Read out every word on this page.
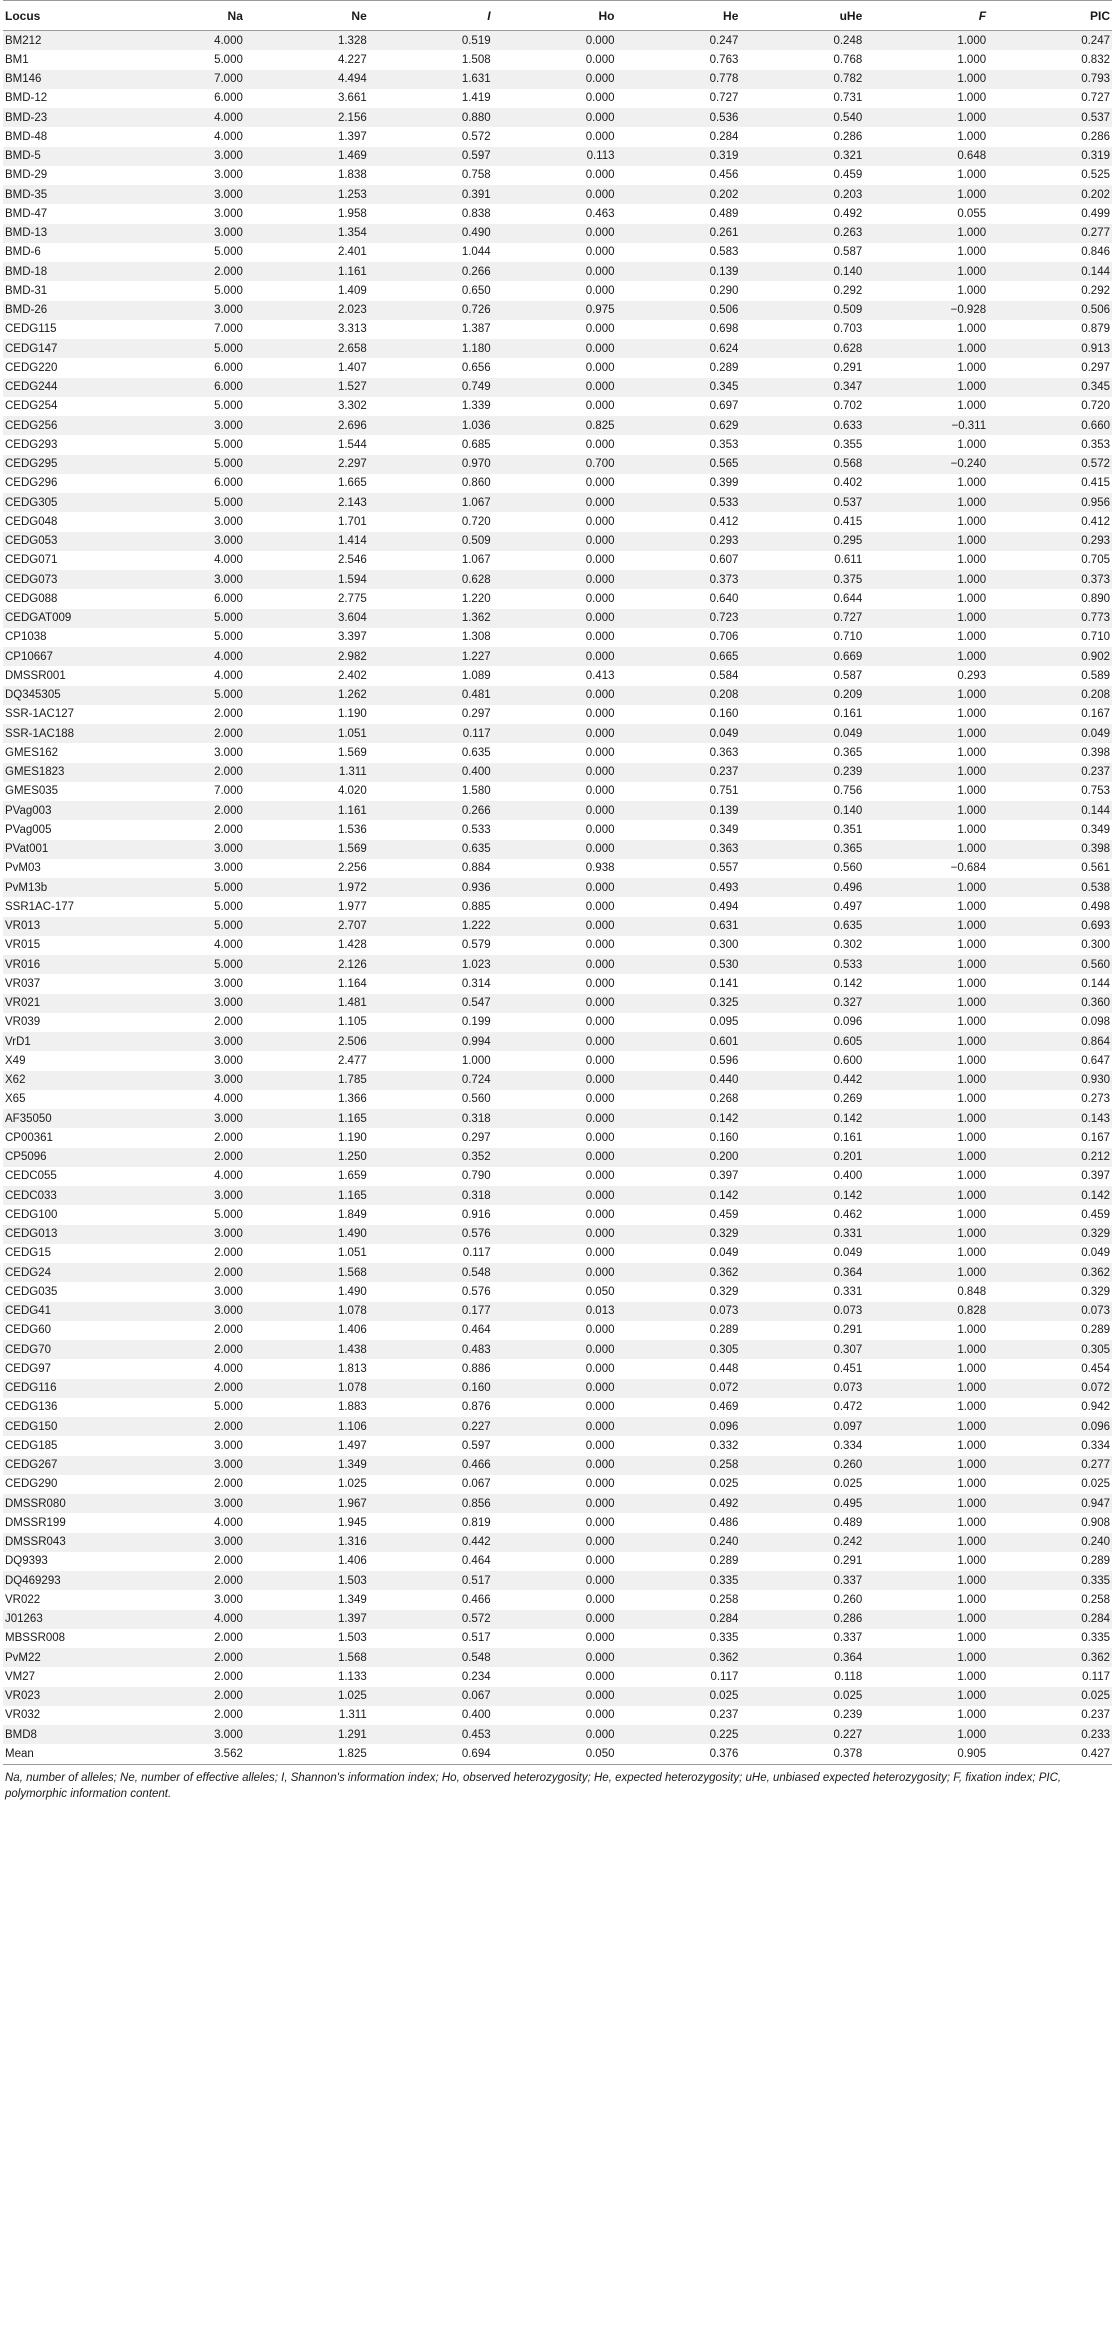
Locus	Na	Ne	I	Ho	He	uHe	F	PIC
BM212	4.000	1.328	0.519	0.000	0.247	0.248	1.000	0.247
BM1	5.000	4.227	1.508	0.000	0.763	0.768	1.000	0.832
BM146	7.000	4.494	1.631	0.000	0.778	0.782	1.000	0.793
BMD-12	6.000	3.661	1.419	0.000	0.727	0.731	1.000	0.727
BMD-23	4.000	2.156	0.880	0.000	0.536	0.540	1.000	0.537
BMD-48	4.000	1.397	0.572	0.000	0.284	0.286	1.000	0.286
BMD-5	3.000	1.469	0.597	0.113	0.319	0.321	0.648	0.319
BMD-29	3.000	1.838	0.758	0.000	0.456	0.459	1.000	0.525
BMD-35	3.000	1.253	0.391	0.000	0.202	0.203	1.000	0.202
BMD-47	3.000	1.958	0.838	0.463	0.489	0.492	0.055	0.499
BMD-13	3.000	1.354	0.490	0.000	0.261	0.263	1.000	0.277
BMD-6	5.000	2.401	1.044	0.000	0.583	0.587	1.000	0.846
BMD-18	2.000	1.161	0.266	0.000	0.139	0.140	1.000	0.144
BMD-31	5.000	1.409	0.650	0.000	0.290	0.292	1.000	0.292
BMD-26	3.000	2.023	0.726	0.975	0.506	0.509	−0.928	0.506
CEDG115	7.000	3.313	1.387	0.000	0.698	0.703	1.000	0.879
CEDG147	5.000	2.658	1.180	0.000	0.624	0.628	1.000	0.913
CEDG220	6.000	1.407	0.656	0.000	0.289	0.291	1.000	0.297
CEDG244	6.000	1.527	0.749	0.000	0.345	0.347	1.000	0.345
CEDG254	5.000	3.302	1.339	0.000	0.697	0.702	1.000	0.720
CEDG256	3.000	2.696	1.036	0.825	0.629	0.633	−0.311	0.660
CEDG293	5.000	1.544	0.685	0.000	0.353	0.355	1.000	0.353
CEDG295	5.000	2.297	0.970	0.700	0.565	0.568	−0.240	0.572
CEDG296	6.000	1.665	0.860	0.000	0.399	0.402	1.000	0.415
CEDG305	5.000	2.143	1.067	0.000	0.533	0.537	1.000	0.956
CEDG048	3.000	1.701	0.720	0.000	0.412	0.415	1.000	0.412
CEDG053	3.000	1.414	0.509	0.000	0.293	0.295	1.000	0.293
CEDG071	4.000	2.546	1.067	0.000	0.607	0.611	1.000	0.705
CEDG073	3.000	1.594	0.628	0.000	0.373	0.375	1.000	0.373
CEDG088	6.000	2.775	1.220	0.000	0.640	0.644	1.000	0.890
CEDGAT009	5.000	3.604	1.362	0.000	0.723	0.727	1.000	0.773
CP1038	5.000	3.397	1.308	0.000	0.706	0.710	1.000	0.710
CP10667	4.000	2.982	1.227	0.000	0.665	0.669	1.000	0.902
DMSSR001	4.000	2.402	1.089	0.413	0.584	0.587	0.293	0.589
DQ345305	5.000	1.262	0.481	0.000	0.208	0.209	1.000	0.208
SSR-1AC127	2.000	1.190	0.297	0.000	0.160	0.161	1.000	0.167
SSR-1AC188	2.000	1.051	0.117	0.000	0.049	0.049	1.000	0.049
GMES162	3.000	1.569	0.635	0.000	0.363	0.365	1.000	0.398
GMES1823	2.000	1.311	0.400	0.000	0.237	0.239	1.000	0.237
GMES035	7.000	4.020	1.580	0.000	0.751	0.756	1.000	0.753
PVag003	2.000	1.161	0.266	0.000	0.139	0.140	1.000	0.144
PVag005	2.000	1.536	0.533	0.000	0.349	0.351	1.000	0.349
PVat001	3.000	1.569	0.635	0.000	0.363	0.365	1.000	0.398
PvM03	3.000	2.256	0.884	0.938	0.557	0.560	−0.684	0.561
PvM13b	5.000	1.972	0.936	0.000	0.493	0.496	1.000	0.538
SSR1AC-177	5.000	1.977	0.885	0.000	0.494	0.497	1.000	0.498
VR013	5.000	2.707	1.222	0.000	0.631	0.635	1.000	0.693
VR015	4.000	1.428	0.579	0.000	0.300	0.302	1.000	0.300
VR016	5.000	2.126	1.023	0.000	0.530	0.533	1.000	0.560
VR037	3.000	1.164	0.314	0.000	0.141	0.142	1.000	0.144
VR021	3.000	1.481	0.547	0.000	0.325	0.327	1.000	0.360
VR039	2.000	1.105	0.199	0.000	0.095	0.096	1.000	0.098
VrD1	3.000	2.506	0.994	0.000	0.601	0.605	1.000	0.864
X49	3.000	2.477	1.000	0.000	0.596	0.600	1.000	0.647
X62	3.000	1.785	0.724	0.000	0.440	0.442	1.000	0.930
X65	4.000	1.366	0.560	0.000	0.268	0.269	1.000	0.273
AF35050	3.000	1.165	0.318	0.000	0.142	0.142	1.000	0.143
CP00361	2.000	1.190	0.297	0.000	0.160	0.161	1.000	0.167
CP5096	2.000	1.250	0.352	0.000	0.200	0.201	1.000	0.212
CEDC055	4.000	1.659	0.790	0.000	0.397	0.400	1.000	0.397
CEDC033	3.000	1.165	0.318	0.000	0.142	0.142	1.000	0.142
CEDG100	5.000	1.849	0.916	0.000	0.459	0.462	1.000	0.459
CEDG013	3.000	1.490	0.576	0.000	0.329	0.331	1.000	0.329
CEDG15	2.000	1.051	0.117	0.000	0.049	0.049	1.000	0.049
CEDG24	2.000	1.568	0.548	0.000	0.362	0.364	1.000	0.362
CEDG035	3.000	1.490	0.576	0.050	0.329	0.331	0.848	0.329
CEDG41	3.000	1.078	0.177	0.013	0.073	0.073	0.828	0.073
CEDG60	2.000	1.406	0.464	0.000	0.289	0.291	1.000	0.289
CEDG70	2.000	1.438	0.483	0.000	0.305	0.307	1.000	0.305
CEDG97	4.000	1.813	0.886	0.000	0.448	0.451	1.000	0.454
CEDG116	2.000	1.078	0.160	0.000	0.072	0.073	1.000	0.072
CEDG136	5.000	1.883	0.876	0.000	0.469	0.472	1.000	0.942
CEDG150	2.000	1.106	0.227	0.000	0.096	0.097	1.000	0.096
CEDG185	3.000	1.497	0.597	0.000	0.332	0.334	1.000	0.334
CEDG267	3.000	1.349	0.466	0.000	0.258	0.260	1.000	0.277
CEDG290	2.000	1.025	0.067	0.000	0.025	0.025	1.000	0.025
DMSSR080	3.000	1.967	0.856	0.000	0.492	0.495	1.000	0.947
DMSSR199	4.000	1.945	0.819	0.000	0.486	0.489	1.000	0.908
DMSSR043	3.000	1.316	0.442	0.000	0.240	0.242	1.000	0.240
DQ9393	2.000	1.406	0.464	0.000	0.289	0.291	1.000	0.289
DQ469293	2.000	1.503	0.517	0.000	0.335	0.337	1.000	0.335
VR022	3.000	1.349	0.466	0.000	0.258	0.260	1.000	0.258
J01263	4.000	1.397	0.572	0.000	0.284	0.286	1.000	0.284
MBSSR008	2.000	1.503	0.517	0.000	0.335	0.337	1.000	0.335
PvM22	2.000	1.568	0.548	0.000	0.362	0.364	1.000	0.362
VM27	2.000	1.133	0.234	0.000	0.117	0.118	1.000	0.117
VR023	2.000	1.025	0.067	0.000	0.025	0.025	1.000	0.025
VR032	2.000	1.311	0.400	0.000	0.237	0.239	1.000	0.237
BMD8	3.000	1.291	0.453	0.000	0.225	0.227	1.000	0.233
Mean	3.562	1.825	0.694	0.050	0.376	0.378	0.905	0.427
Na, number of alleles; Ne, number of effective alleles; I, Shannon's information index; Ho, observed heterozygosity; He, expected heterozygosity; uHe, unbiased expected heterozygosity; F, fixation index; PIC, polymorphic information content.
